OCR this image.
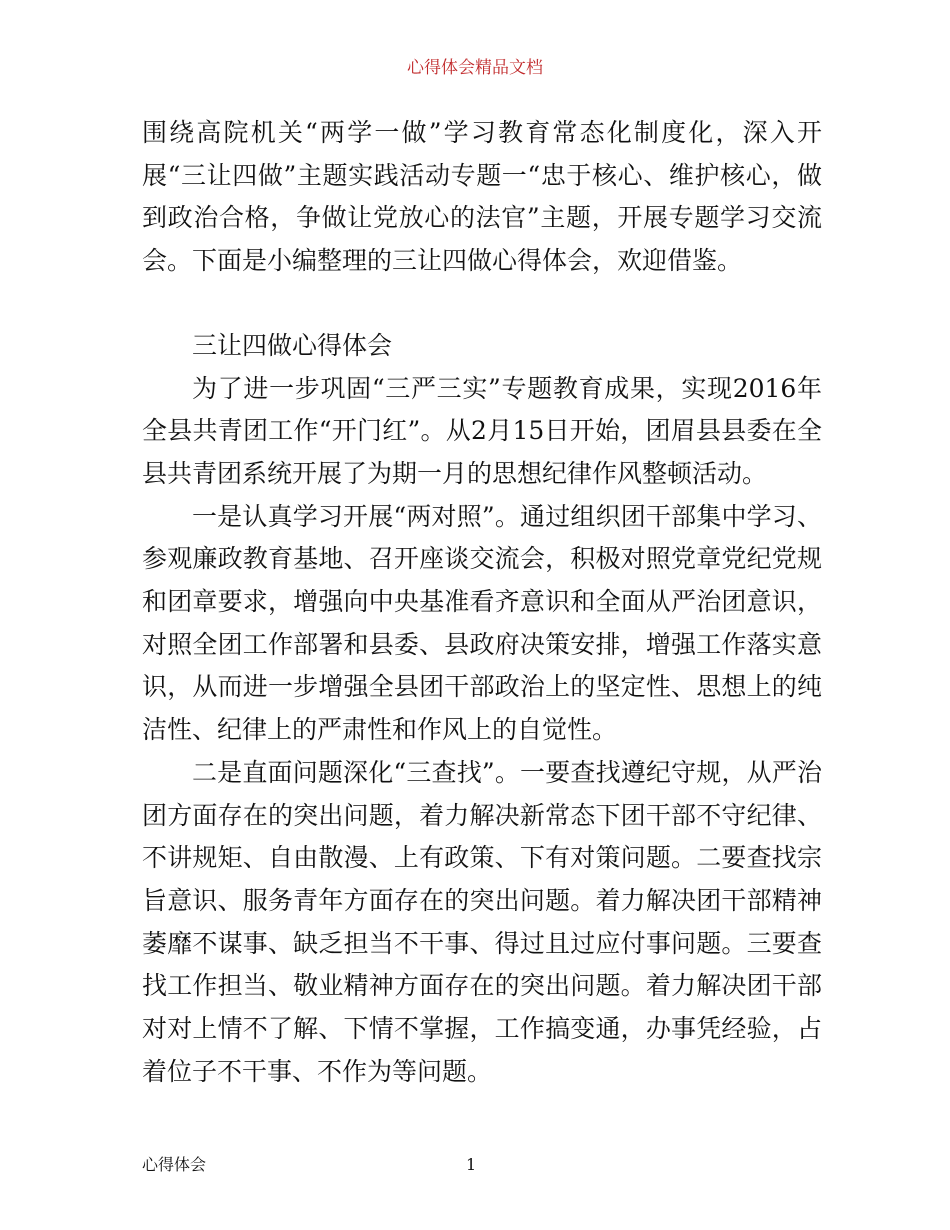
心得体会精品文档

围绕高院机关“两学一做”学习教育常态化制度化，深入开展“三让四做”主题实践活动专题一“忠于核心、维护核心，做到政治合格，争做让党放心的法官”主题，开展专题学习交流会。下面是小编整理的三让四做心得体会，欢迎借鉴。

三让四做心得体会

为了进一步巩固“三严三实”专题教育成果，实现2016年全县共青团工作“开门红”。从2月15日开始，团眉县县委在全县共青团系统开展了为期一月的思想纪律作风整顿活动。

一是认真学习开展“两对照”。通过组织团干部集中学习、参观廉政教育基地、召开座谈交流会，积极对照党章党纪党规和团章要求，增强向中央基准看齐意识和全面从严治团意识，对照全团工作部署和县委、县政府决策安排，增强工作落实意识，从而进一步增强全县团干部政治上的坚定性、思想上的纯洁性、纪律上的严肃性和作风上的自觉性。

二是直面问题深化“三查找”。一要查找遵纪守规，从严治团方面存在的突出问题，着力解决新常态下团干部不守纪律、不讲规矩、自由散漫、上有政策、下有对策问题。二要查找宗旨意识、服务青年方面存在的突出问题。着力解决团干部精神萎靡不谋事、缺乏担当不干事、得过且过应付事问题。三要查找工作担当、敬业精神方面存在的突出问题。着力解决团干部对对上情不了解、下情不掌握，工作搞变通，办事凭经验，占着位子不干事、不作为等问题。

心得体会	1
